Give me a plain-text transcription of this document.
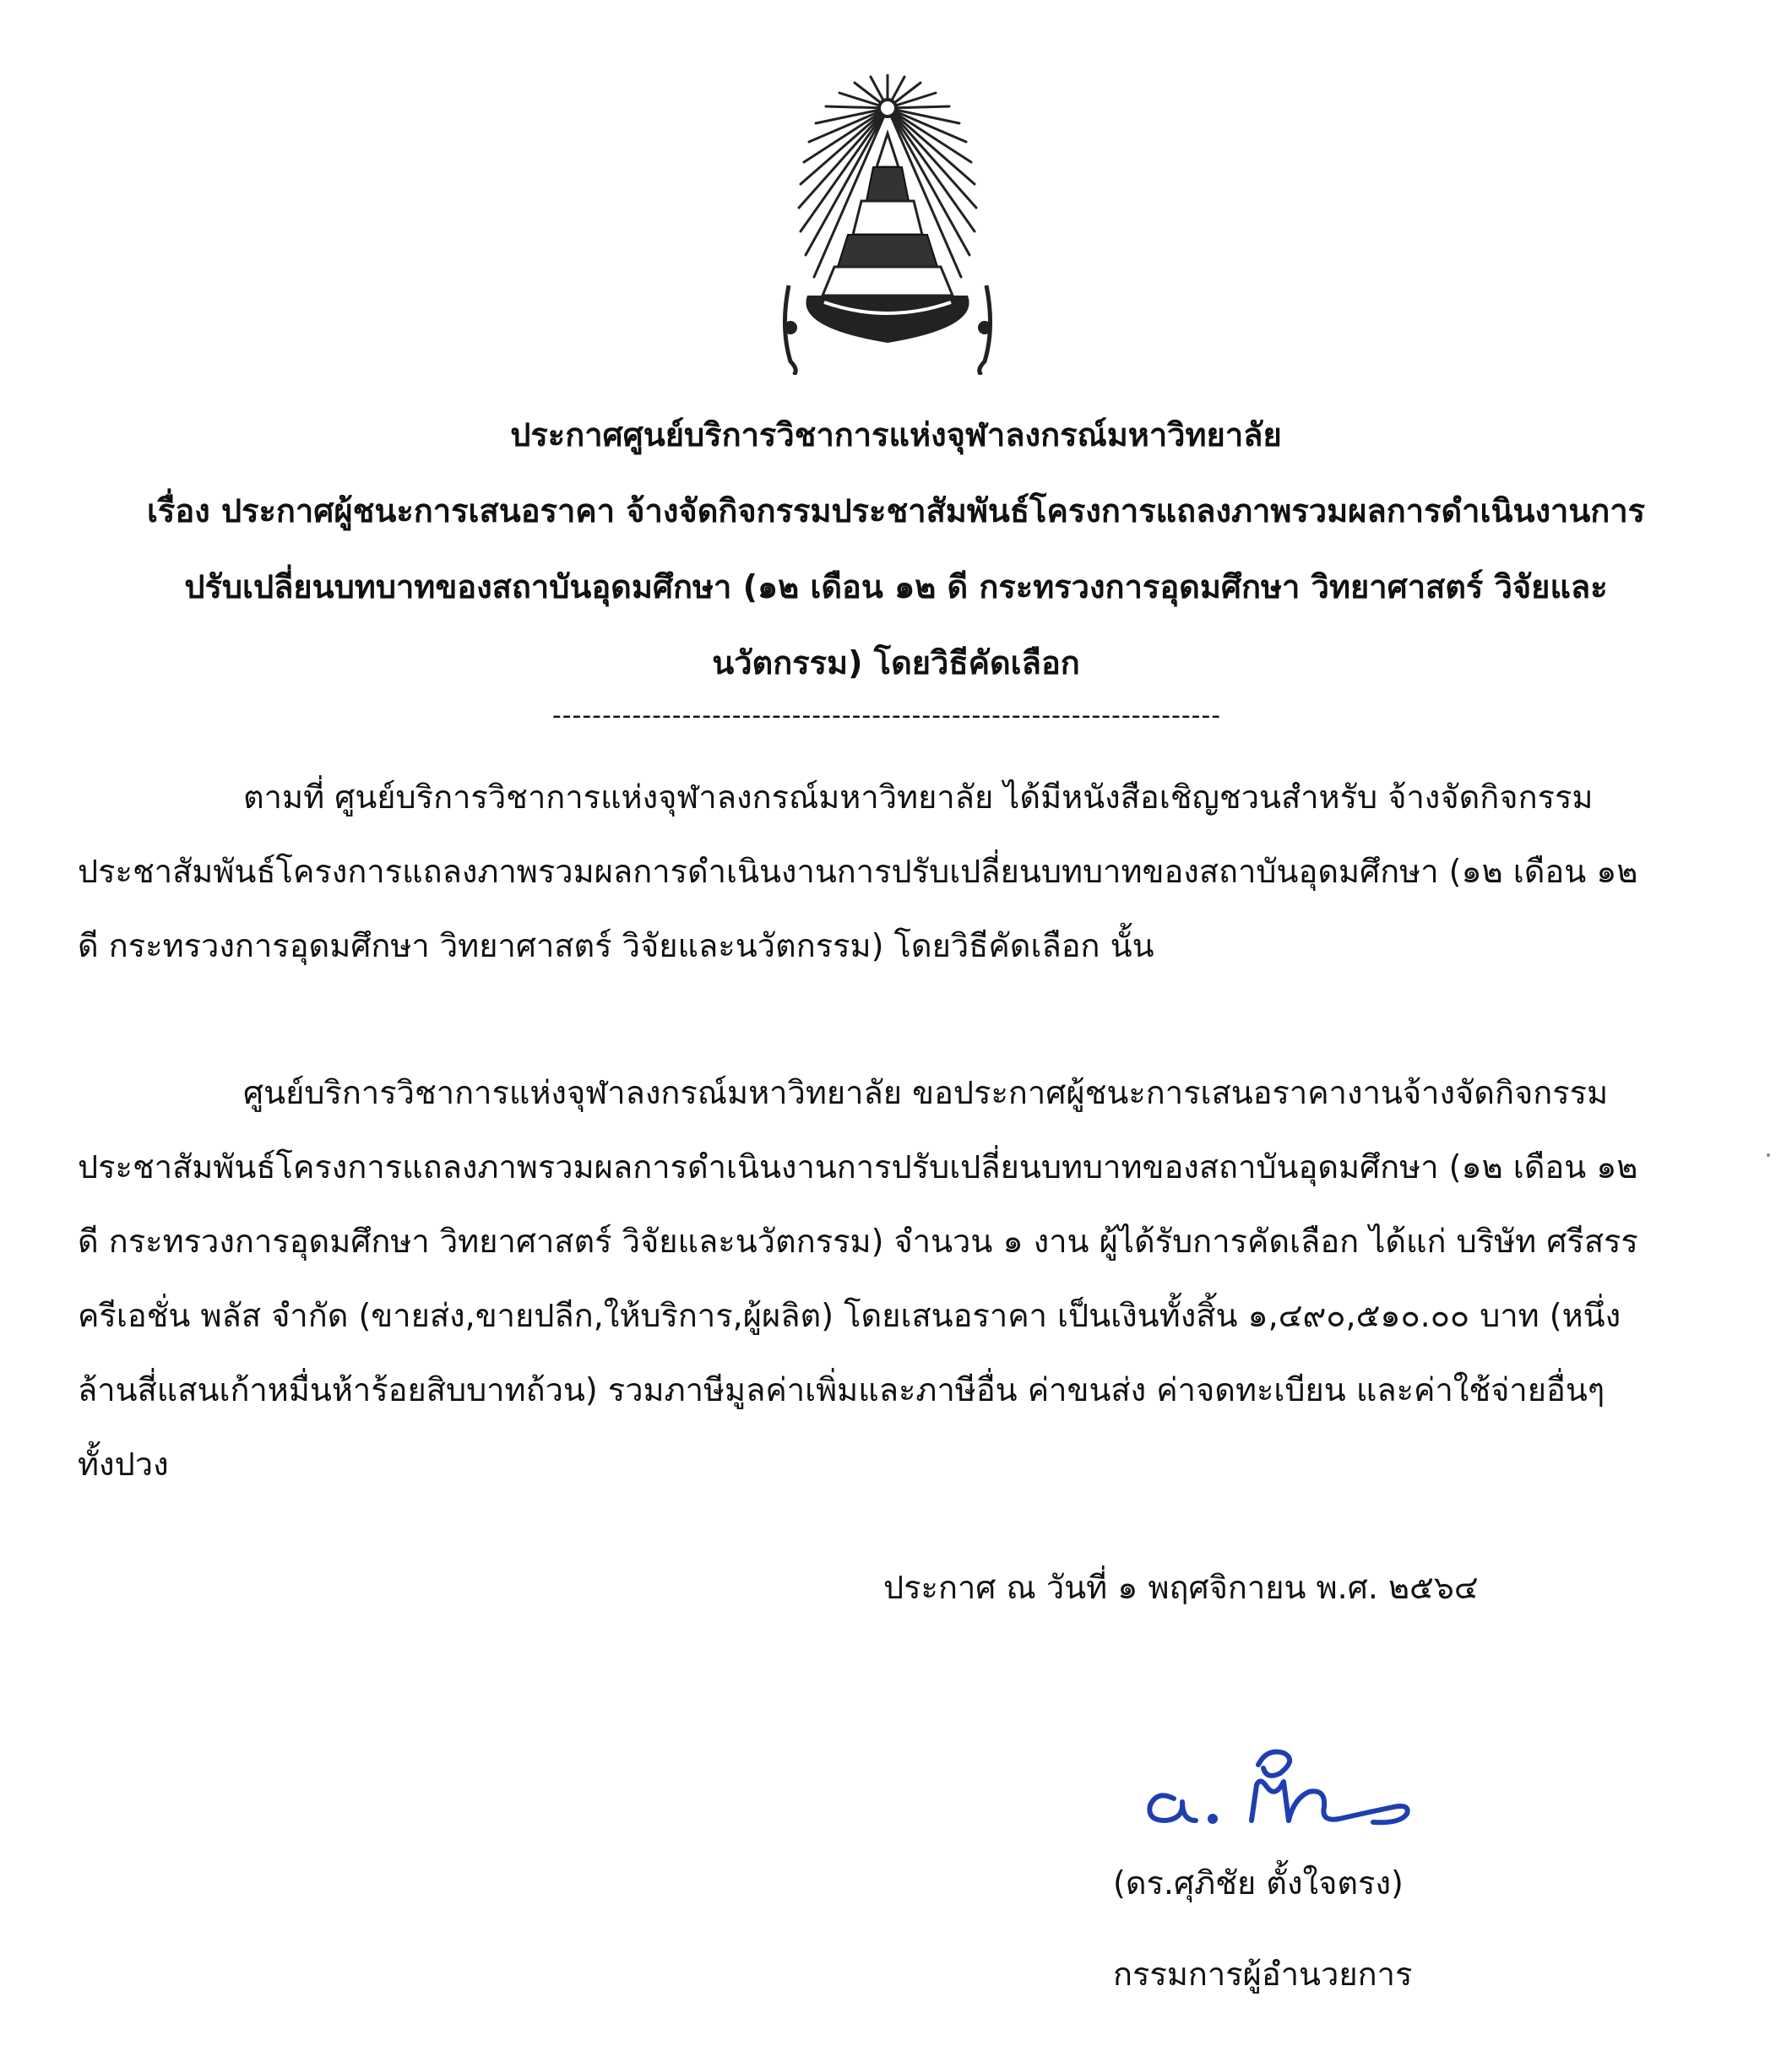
ประกาศศูนย์บริการวิชาการแห่งจุฬาลงกรณ์มหาวิทยาลัย
เรื่อง ประกาศผู้ชนะการเสนอราคา จ้างจัดกิจกรรมประชาสัมพันธ์โครงการแถลงภาพรวมผลการดำเนินงานการ
ปรับเปลี่ยนบทบาทของสถาบันอุดมศึกษา (๑๒ เดือน ๑๒ ดี กระทรวงการอุดมศึกษา วิทยาศาสตร์ วิจัยและ
นวัตกรรม) โดยวิธีคัดเลือก
-------------------------------------------------------------------
ตามที่ ศูนย์บริการวิชาการแห่งจุฬาลงกรณ์มหาวิทยาลัย ได้มีหนังสือเชิญชวนสำหรับ จ้างจัดกิจกรรม
ประชาสัมพันธ์โครงการแถลงภาพรวมผลการดำเนินงานการปรับเปลี่ยนบทบาทของสถาบันอุดมศึกษา (๑๒ เดือน ๑๒
ดี กระทรวงการอุดมศึกษา วิทยาศาสตร์ วิจัยและนวัตกรรม) โดยวิธีคัดเลือก นั้น
ศูนย์บริการวิชาการแห่งจุฬาลงกรณ์มหาวิทยาลัย ขอประกาศผู้ชนะการเสนอราคางานจ้างจัดกิจกรรม
ประชาสัมพันธ์โครงการแถลงภาพรวมผลการดำเนินงานการปรับเปลี่ยนบทบาทของสถาบันอุดมศึกษา (๑๒ เดือน ๑๒
ดี กระทรวงการอุดมศึกษา วิทยาศาสตร์ วิจัยและนวัตกรรม) จำนวน ๑ งาน ผู้ได้รับการคัดเลือก ได้แก่ บริษัท ศรีสรร
ครีเอชั่น พลัส จำกัด (ขายส่ง,ขายปลีก,ให้บริการ,ผู้ผลิต) โดยเสนอราคา เป็นเงินทั้งสิ้น ๑,๔๙๐,๕๑๐.๐๐ บาท (หนึ่ง
ล้านสี่แสนเก้าหมื่นห้าร้อยสิบบาทถ้วน) รวมภาษีมูลค่าเพิ่มและภาษีอื่น ค่าขนส่ง ค่าจดทะเบียน และค่าใช้จ่ายอื่นๆ
ทั้งปวง
ประกาศ ณ วันที่ ๑ พฤศจิกายน พ.ศ. ๒๕๖๔
(ดร.ศุภิชัย ตั้งใจตรง)
กรรมการผู้อำนวยการ
